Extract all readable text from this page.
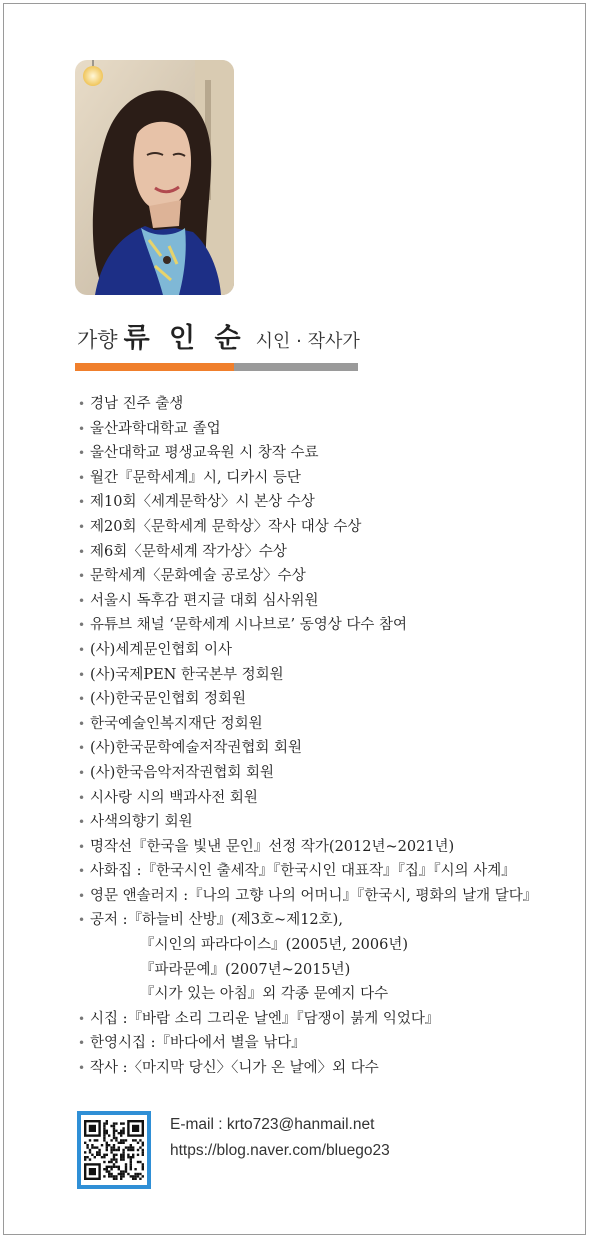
가향 류 인 순 시인 · 작사가
• 경남 진주 출생
• 울산과학대학교 졸업
• 울산대학교 평생교육원 시 창작 수료
• 월간『문학세계』시, 디카시 등단
• 제10회〈세계문학상〉시 본상 수상
• 제20회〈문학세계 문학상〉작사 대상 수상
• 제6회〈문학세계 작가상〉수상
• 문학세계〈문화예술 공로상〉수상
• 서울시 독후감 편지글 대회 심사위원
• 유튜브 채널 ‘문학세계 시나브로’ 동영상 다수 참여
• (사)세계문인협회 이사
• (사)국제PEN 한국본부 정회원
• (사)한국문인협회 정회원
• 한국예술인복지재단 정회원
• (사)한국문학예술저작권협회 회원
• (사)한국음악저작권협회 회원
• 시사랑 시의 백과사전 회원
• 사색의향기 회원
• 명작선『한국을 빛낸 문인』선정 작가(2012년~2021년)
• 사화집 :『한국시인 출세작』『한국시인 대표작』『집』『시의 사계』
• 영문 앤솔러지 :『나의 고향 나의 어머니』『한국시, 평화의 날개 달다』
• 공저 :『하늘비 산방』(제3호~제12호),
『시인의 파라다이스』(2005년, 2006년)
『파라문예』(2007년~2015년)
『시가 있는 아침』외 각종 문예지 다수
• 시집 :『바람 소리 그리운 날엔』『담쟁이 붉게 익었다』
• 한영시집 :『바다에서 별을 낚다』
• 작사 :〈마지막 당신〉〈니가 온 날에〉외 다수
E-mail : krto723@hanmail.net
https://blog.naver.com/bluego23
